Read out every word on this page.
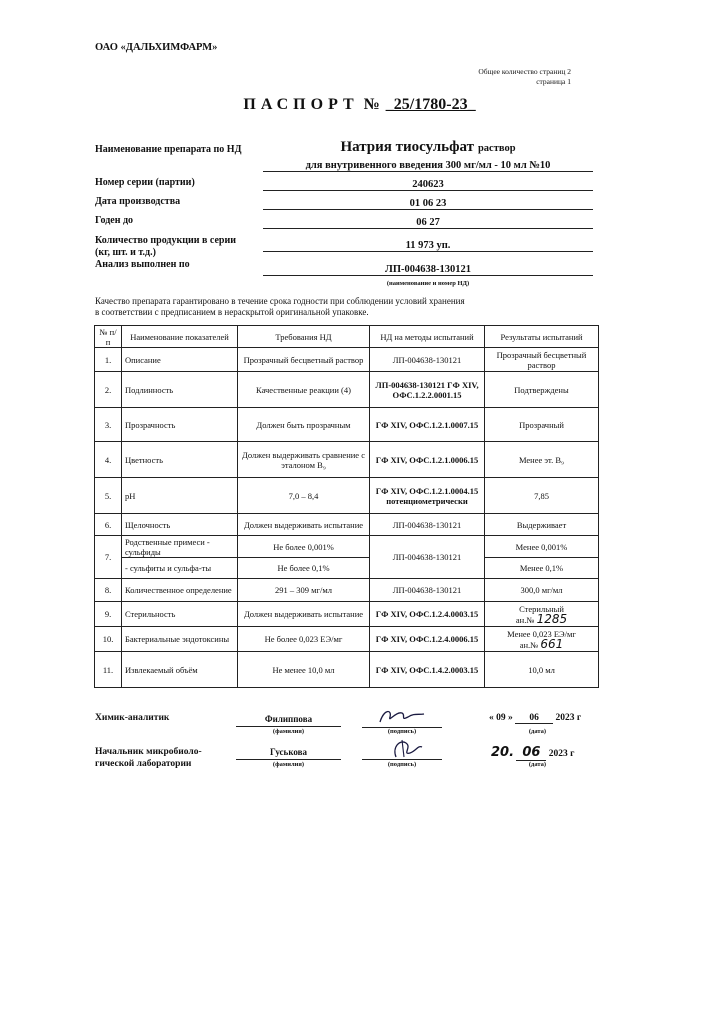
ОАО «ДАЛЬХИМФАРМ»
Общее количество страниц 2
страница 1
ПАСПОРТ № _25/1780-23_
Наименование препарата по НД	Натрия тиосульфат раствор
для внутривенного введения 300 мг/мл - 10 мл №10
Номер серии (партии)	240623
Дата производства	01 06 23
Годен до	06 27
Количество продукции в серии
(кг, шт. и т.д.)
11 973 уп.
Анализ выполнен по	ЛП-004638-130121
(наименование и номер НД)
Качество препарата гарантировано в течение срока годности при соблюдении условий хранения
в соответствии с предписанием в нераскрытой оригинальной упаковке.
№ п/п	Наименование показателей	Требования НД	НД на методы испытаний	Результаты испытаний
1.	Описание	Прозрачный бесцветный раствор	ЛП-004638-130121	Прозрачный бесцветный раствор
2.	Подлинность	Качественные реакции (4)	ЛП-004638-130121 ГФ XIV, ОФС.1.2.2.0001.15	Подтверждены
3.	Прозрачность	Должен быть прозрачным	ГФ XIV, ОФС.1.2.1.0007.15	Прозрачный
4.	Цветность	Должен выдерживать сравнение с эталоном B₉	ГФ XIV, ОФС.1.2.1.0006.15	Менее эт. B₉
5.	pH	7,0 – 8,4	ГФ XIV, ОФС.1.2.1.0004.15 потенциометрически	7,85
6.	Щелочность	Должен выдерживать испытание	ЛП-004638-130121	Выдерживает
7.	Родственные примеси - сульфиды	Не более 0,001%	ЛП-004638-130121	Менее 0,001%
	- сульфиты и сульфа-ты	Не более 0,1%		Менее 0,1%
8.	Количественное определение	291 – 309 мг/мл	ЛП-004638-130121	300,0 мг/мл
9.	Стерильность	Должен выдерживать испытание	ГФ XIV, ОФС.1.2.4.0003.15	Стерильный
ан.№ 1285

10.	Бактериальные эндотоксины	Не более 0,023 ЕЭ/мг	ГФ XIV, ОФС.1.2.4.0006.15	Менее 0,023 ЕЭ/мг
ан.№ 661

11.	Извлекаемый объём	Не менее 10,0 мл	ГФ XIV, ОФС.1.4.2.0003.15	10,0 мл
Химик-аналитик	Филиппова
(фамилия)	(подпись)
« 09 » 06 2023 г
(дата)
Начальник микробиоло-
гической лаборатории
Гуськова
(фамилия)	(подпись)
20. 06 2023 г
(дата)
